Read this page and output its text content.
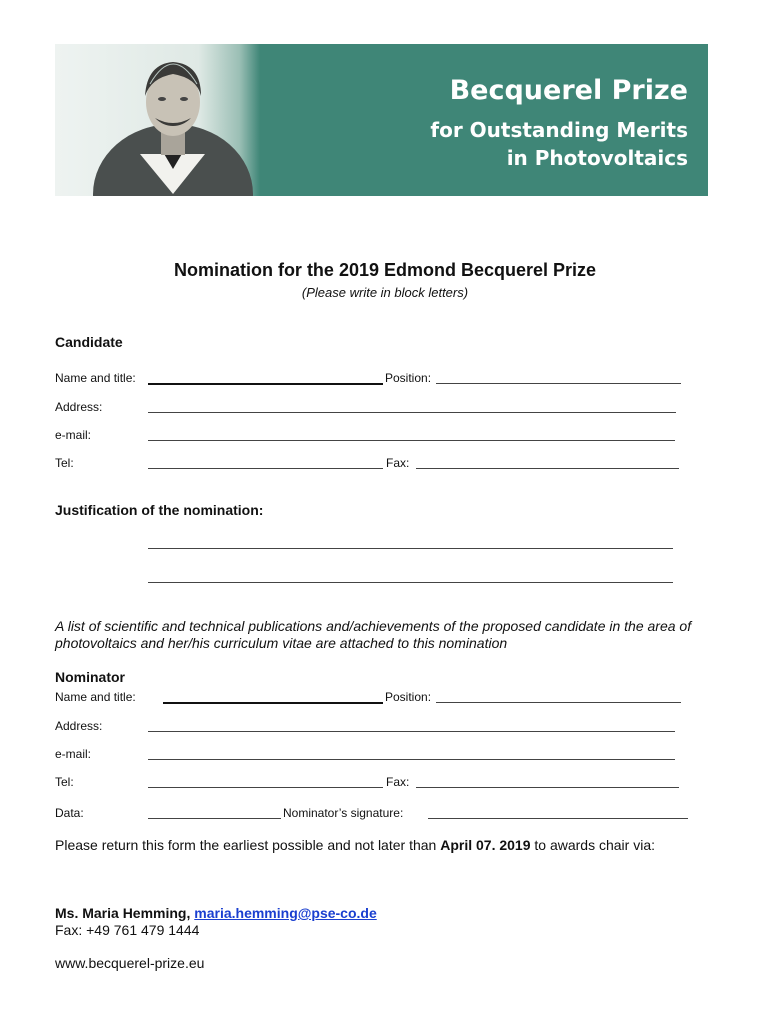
Becquerel Prize
for Outstanding Merits
in Photovoltaics
Nomination for the 2019 Edmond Becquerel Prize
(Please write in block letters)
Candidate
Name and title:	Position:
Address:
e-mail:
Tel:	Fax:
Justification of the nomination:
A list of scientific and technical publications and/achievements of the proposed candidate in the area of photovoltaics and her/his curriculum vitae are attached to this nomination
Nominator
Name and title:	Position:
Address:
e-mail:
Tel:	Fax:
Data:	Nominator’s signature:
Please return this form the earliest possible and not later than April 07. 2019 to awards chair via:
Ms. Maria Hemming, maria.hemming@pse-co.de
Fax: +49 761 479 1444
www.becquerel-prize.eu
